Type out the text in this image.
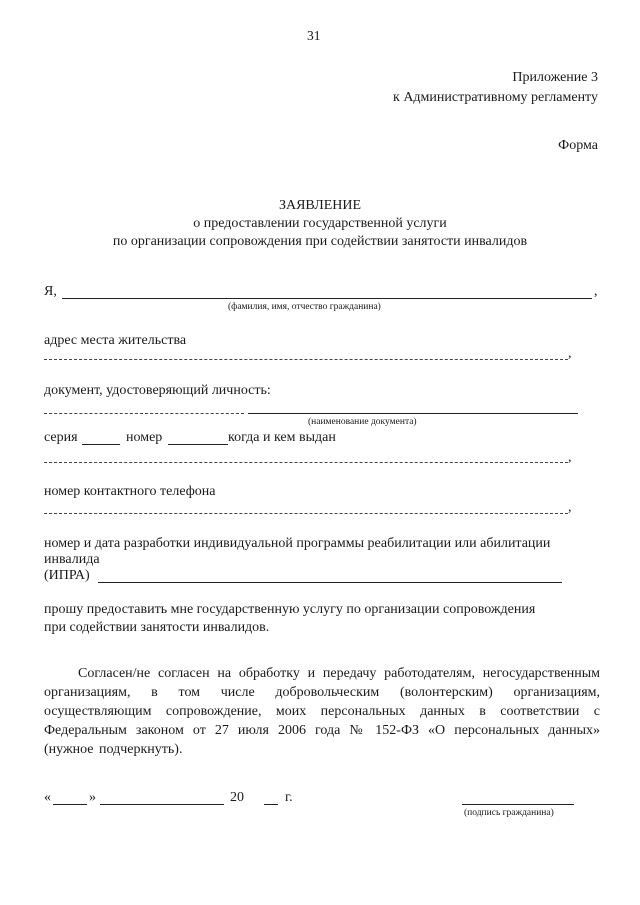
31
Приложение 3
к Административному регламенту
Форма
ЗАЯВЛЕНИЕ
о предоставлении государственной услуги
по организации сопровождения при содействии занятости инвалидов
Я,	,
(фамилия, имя, отчество гражданина)
адрес места жительства
,
документ, удостоверяющий личность:
(наименование документа)
серия	номер	когда и кем выдан
,
номер контактного телефона
,
номер и дата разработки индивидуальной программы реабилитации или абилитации
инвалида
(ИПРА)
прошу предоставить мне государственную услугу по организации сопровождения
при содействии занятости инвалидов.
Согласен/не согласен на обработку и передачу работодателям, негосударственным организациям, в том числе добровольческим (волонтерским) организациям, осуществляющим сопровождение, моих персональных данных в соответствии с Федеральным законом от 27 июля 2006 года № 152-ФЗ «О персональных данных» (нужное подчеркнуть).
«	»	20	г.
(подпись гражданина)
